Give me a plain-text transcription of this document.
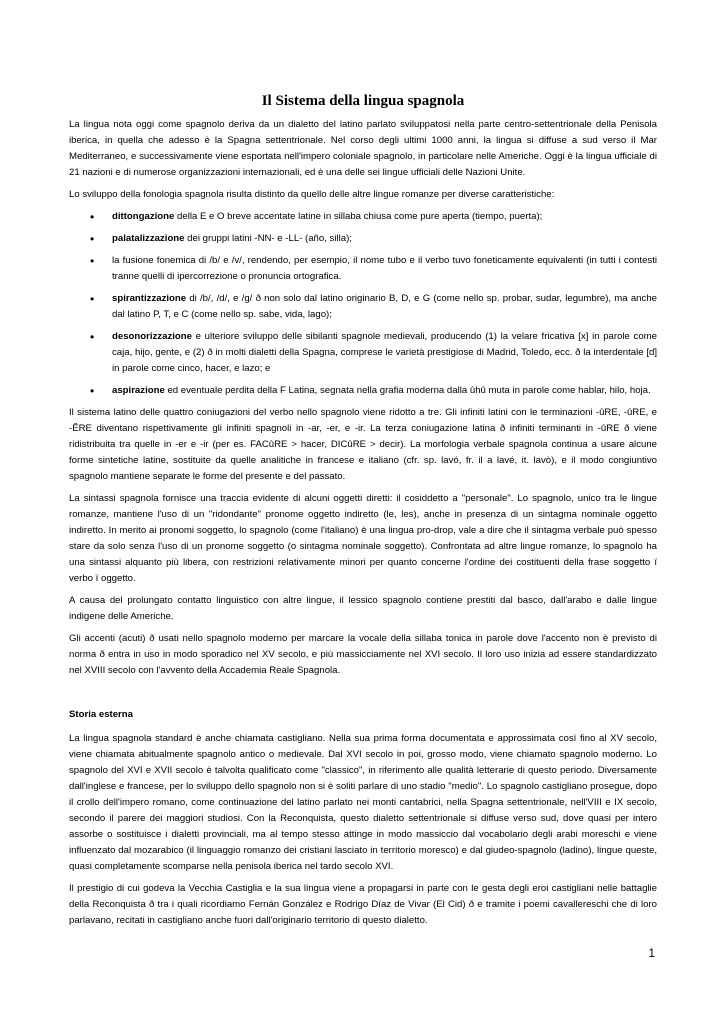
Il Sistema della lingua spagnola

La lingua nota oggi come spagnolo deriva da un dialetto del latino parlato sviluppatosi nella parte centro-settentrionale della Penisola iberica, in quella che adesso è la Spagna settentrionale. Nel corso degli ultimi 1000 anni, la lingua si diffuse a sud verso il Mar Mediterraneo, e successivamente viene esportata nell'impero coloniale spagnolo, in particolare nelle Americhe. Oggi è la lingua ufficiale di 21 nazioni e di numerose organizzazioni internazionali, ed è una delle sei lingue ufficiali delle Nazioni Unite.

Lo sviluppo della fonologia spagnola risulta distinto da quello delle altre lingue romanze per diverse caratteristiche:

• dittongazione della E e O breve accentate latine in sillaba chiusa come pure aperta (tiempo, puerta);
• palatalizzazione dei gruppi latini -NN- e -LL- (año, silla);
• la fusione fonemica di /b/ e /v/, rendendo, per esempio, il nome tubo e il verbo tuvo foneticamente equivalenti (in tutti i contesti tranne quelli di ipercorrezione o pronuncia ortografica.
• spirantizzazione di /b/, /d/, e /g/ ð non solo dal latino originario B, D, e G (come nello sp. probar, sudar, legumbre), ma anche dal latino P, T, e C (come nello sp. sabe, vida, lago);
• desonorizzazione e ulteriore sviluppo delle sibilanti spagnole medievali, producendo (1) la velare fricativa [x] in parole come caja, hijo, gente, e (2) ð in molti dialetti della Spagna, comprese le varietà prestigiose di Madrid, Toledo, ecc. ð la interdentale [ɗ] in parole come cinco, hacer, e lazo; e
• aspirazione ed eventuale perdita della F Latina, segnata nella grafia moderna dalla ûhû muta in parole come hablar, hilo, hoja.

Il sistema latino delle quattro coniugazioni del verbo nello spagnolo viene ridotto a tre. Gli infiniti latini con le terminazioni -ûRE, -ûRE, e -ĔRE diventano rispettivamente gli infiniti spagnoli in -ar, -er, e -ir. La terza coniugazione latina ð infiniti terminanti in -ûRE ð viene ridistribuita tra quelle in -er e -ir (per es. FACûRE > hacer, DICûRE > decir). La morfologia verbale spagnola continua a usare alcune forme sintetiche latine, sostituite da quelle analitiche in francese e italiano (cfr. sp. lavó, fr. il a lavé, it. lavò), e il modo congiuntivo spagnolo mantiene separate le forme del presente e del passato.

La sintassi spagnola fornisce una traccia evidente di alcuni oggetti diretti: il cosiddetto a "personale". Lo spagnolo, unico tra le lingue romanze, mantiene l'uso di un "ridondante" pronome oggetto indiretto (le, les), anche in presenza di un sintagma nominale oggetto indiretto. In merito ai pronomi soggetto, lo spagnolo (come l'italiano) è una lingua pro-drop, vale a dire che il sintagma verbale può spesso stare da solo senza l'uso di un pronome soggetto (o sintagma nominale soggetto). Confrontata ad altre lingue romanze, lo spagnolo ha una sintassi alquanto più libera, con restrizioni relativamente minori per quanto concerne l'ordine dei costituenti della frase soggetto ï verbo ï oggetto.

A causa del prolungato contatto linguistico con altre lingue, il lessico spagnolo contiene prestiti dal basco, dall'arabo e dalle lingue indigene delle Americhe.

Gli accenti (acuti) ð usati nello spagnolo moderno per marcare la vocale della sillaba tonica in parole dove l'accento non è previsto di norma ð entra in uso in modo sporadico nel XV secolo, e più massicciamente nel XVI secolo. Il loro uso inizia ad essere standardizzato nel XVIII secolo con l'avvento della Accademia Reale Spagnola.

Storia esterna

La lingua spagnola standard è anche chiamata castigliano. Nella sua prima forma documentata e approssimata così fino al XV secolo, viene chiamata abitualmente spagnolo antico o medievale. Dal XVI secolo in poi, grosso modo, viene chiamato spagnolo moderno. Lo spagnolo del XVI e XVII secolo è talvolta qualificato come "classico", in riferimento alle qualità letterarie di questo periodo. Diversamente dall'inglese e francese, per lo sviluppo dello spagnolo non si è soliti parlare di uno stadio "medio". Lo spagnolo castigliano prosegue, dopo il crollo dell'impero romano, come continuazione del latino parlato nei monti cantabrici, nella Spagna settentrionale, nell'VIII e IX secolo, secondo il parere dei maggiori studiosi. Con la Reconquista, questo dialetto settentrionale si diffuse verso sud, dove quasi per intero assorbe o sostituisce i dialetti provinciali, ma al tempo stesso attinge in modo massiccio dal vocabolario degli arabi moreschi e viene influenzato dal mozarabico (il linguaggio romanzo dei cristiani lasciato in territorio moresco) e dal giudeo-spagnolo (ladino), lingue queste, quasi completamente scomparse nella penisola iberica nel tardo secolo XVI.

Il prestigio di cui godeva la Vecchia Castiglia e la sua lingua viene a propagarsi in parte con le gesta degli eroi castigliani nelle battaglie della Reconquista ð tra i quali ricordiamo Fernán González e Rodrigo Díaz de Vivar (El Cid) ð e tramite i poemi cavallereschi che di loro parlavano, recitati in castigliano anche fuori dall'originario territorio di questo dialetto.

1
